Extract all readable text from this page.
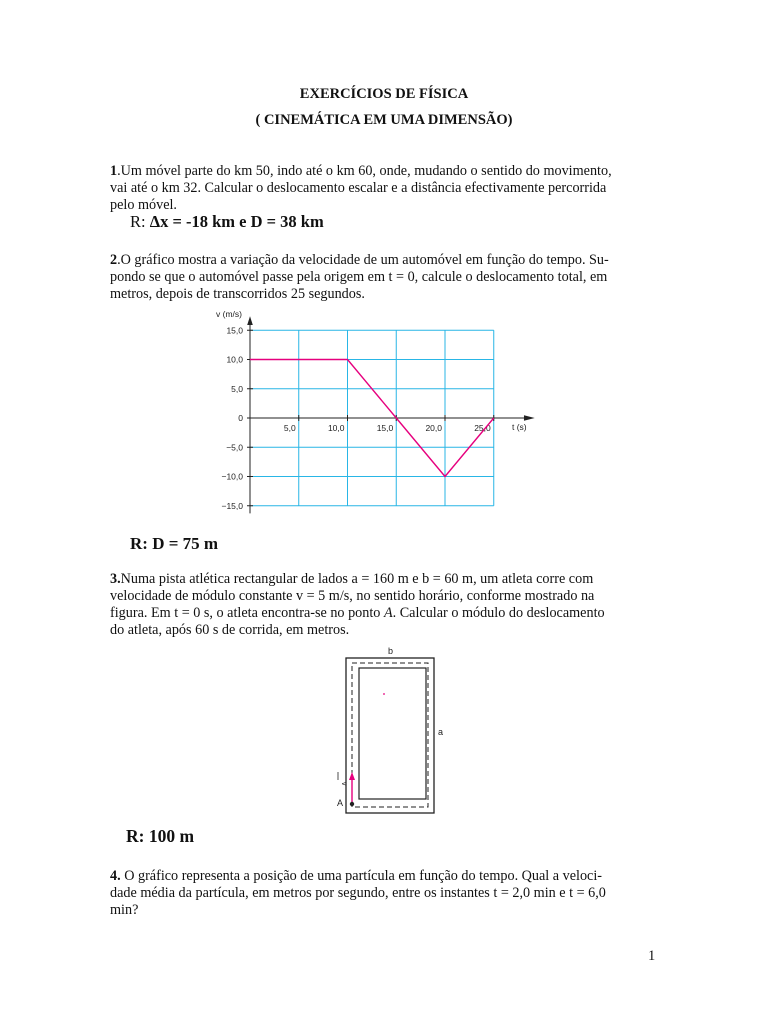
EXERCÍCIOS DE FÍSICA
( CINEMÁTICA EM UMA DIMENSÃO)
1.Um móvel parte do km 50, indo até o km 60, onde, mudando o sentido do movimento,
vai até o km 32. Calcular o deslocamento escalar e a distância efectivamente percorrida
pelo móvel.
R: Δx = -18 km e D = 38 km
2.O gráfico mostra a variação da velocidade de um automóvel em função do tempo. Su-
pondo se que o automóvel passe pela origem em t = 0, calcule o deslocamento total, em
metros, depois de transcorridos 25 segundos.
15,0
10,0
5,0
0
−10,0
−15,0
−5,0
5,0	10,0	15,0	20,0	25,0
v (m/s)
t (s)
R: D = 75 m
3.Numa pista atlética rectangular de lados a = 160 m e b = 60 m, um atleta corre com
velocidade de módulo constante v = 5 m/s, no sentido horário, conforme mostrado na
figura. Em t = 0 s, o atleta encontra-se no ponto A. Calcular o módulo do deslocamento
do atleta, após 60 s de corrida, em metros.
b
a
A
v
R: 100 m
4. O gráfico representa a posição de uma partícula em função do tempo. Qual a veloci-
dade média da partícula, em metros por segundo, entre os instantes t = 2,0 min e t = 6,0
min?
1
